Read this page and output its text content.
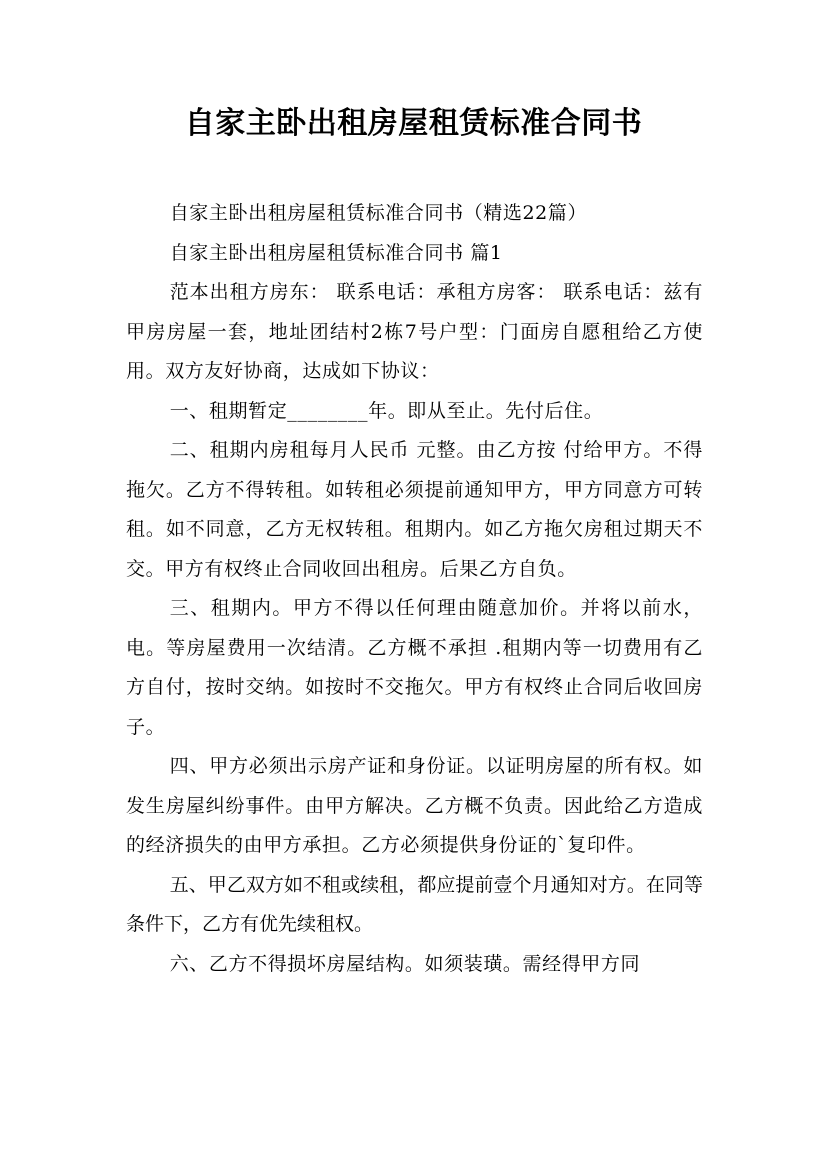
自家主卧出租房屋租赁标准合同书

自家主卧出租房屋租赁标准合同书（精选22篇）

自家主卧出租房屋租赁标准合同书 篇1

范本出租方房东： 联系电话：承租方房客： 联系电话：兹有甲房房屋一套，地址团结村2栋7号户型：门面房自愿租给乙方使用。双方友好协商，达成如下协议：

一、租期暂定________年。即从至止。先付后住。

二、租期内房租每月人民币 元整。由乙方按 付给甲方。不得拖欠。乙方不得转租。如转租必须提前通知甲方，甲方同意方可转租。如不同意，乙方无权转租。租期内。如乙方拖欠房租过期天不交。甲方有权终止合同收回出租房。后果乙方自负。

三、租期内。甲方不得以任何理由随意加价。并将以前水，电。等房屋费用一次结清。乙方概不承担 .租期内等一切费用有乙方自付，按时交纳。如按时不交拖欠。甲方有权终止合同后收回房子。

四、甲方必须出示房产证和身份证。以证明房屋的所有权。如发生房屋纠纷事件。由甲方解决。乙方概不负责。因此给乙方造成的经济损失的由甲方承担。乙方必须提供身份证的`复印件。

五、甲乙双方如不租或续租，都应提前壹个月通知对方。在同等条件下，乙方有优先续租权。

六、乙方不得损坏房屋结构。如须装璜。需经得甲方同
